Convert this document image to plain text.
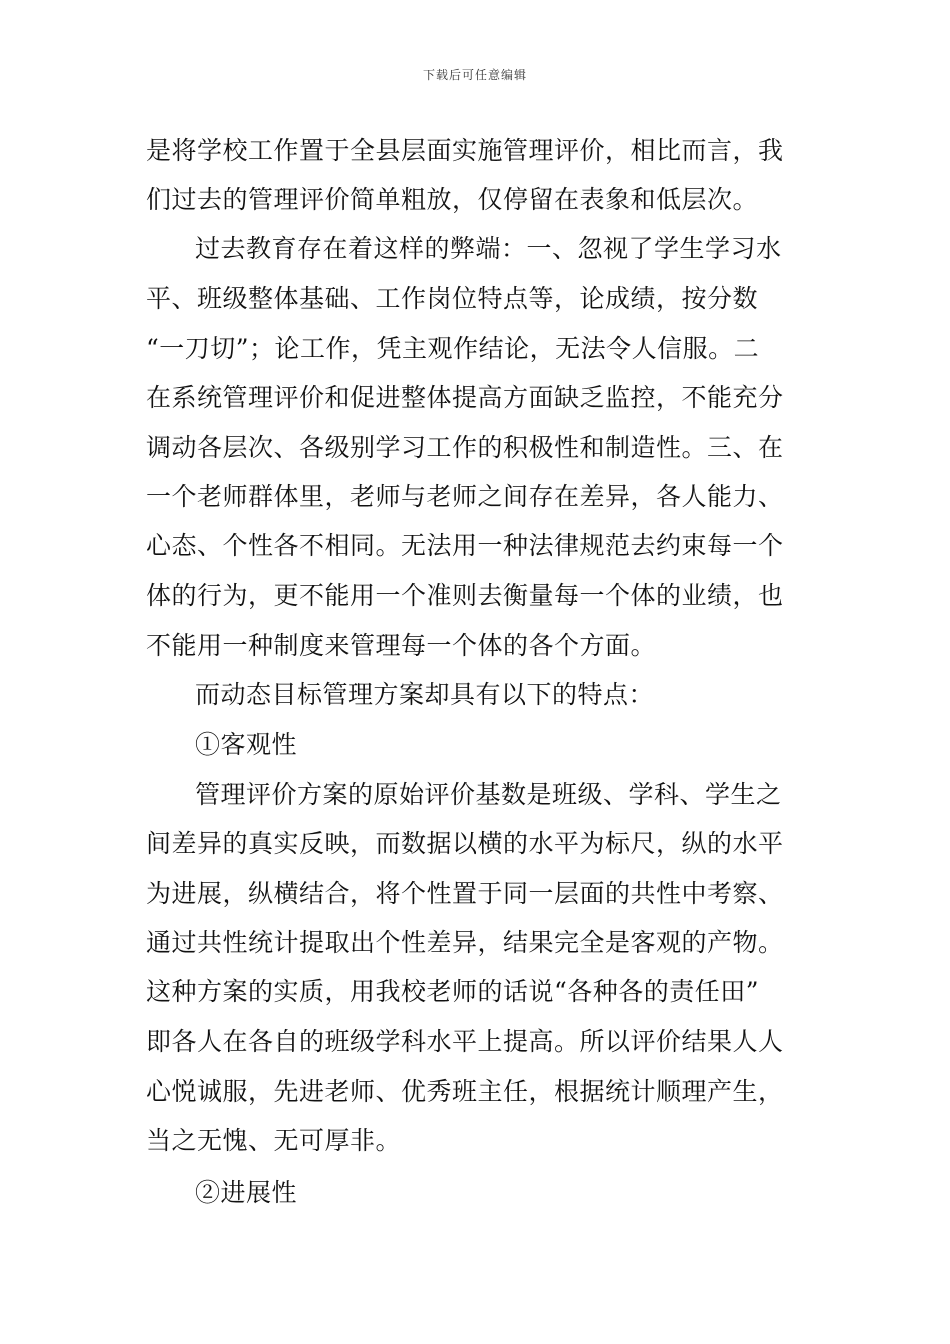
下载后可任意编辑
是将学校工作置于全县层面实施管理评价，相比而言，我
们过去的管理评价简单粗放，仅停留在表象和低层次。
过去教育存在着这样的弊端：一、忽视了学生学习水
平、班级整体基础、工作岗位特点等，论成绩，按分数
“一刀切”；论工作，凭主观作结论，无法令人信服。二
在系统管理评价和促进整体提高方面缺乏监控，不能充分
调动各层次、各级别学习工作的积极性和制造性。三、在
一个老师群体里，老师与老师之间存在差异，各人能力、
心态、个性各不相同。无法用一种法律规范去约束每一个
体的行为，更不能用一个准则去衡量每一个体的业绩，也
不能用一种制度来管理每一个体的各个方面。
而动态目标管理方案却具有以下的特点：
①客观性
管理评价方案的原始评价基数是班级、学科、学生之
间差异的真实反映，而数据以横的水平为标尺，纵的水平
为进展，纵横结合，将个性置于同一层面的共性中考察、
通过共性统计提取出个性差异，结果完全是客观的产物。
这种方案的实质，用我校老师的话说“各种各的责任田”
即各人在各自的班级学科水平上提高。所以评价结果人人
心悦诚服，先进老师、优秀班主任，根据统计顺理产生，
当之无愧、无可厚非。
②进展性
